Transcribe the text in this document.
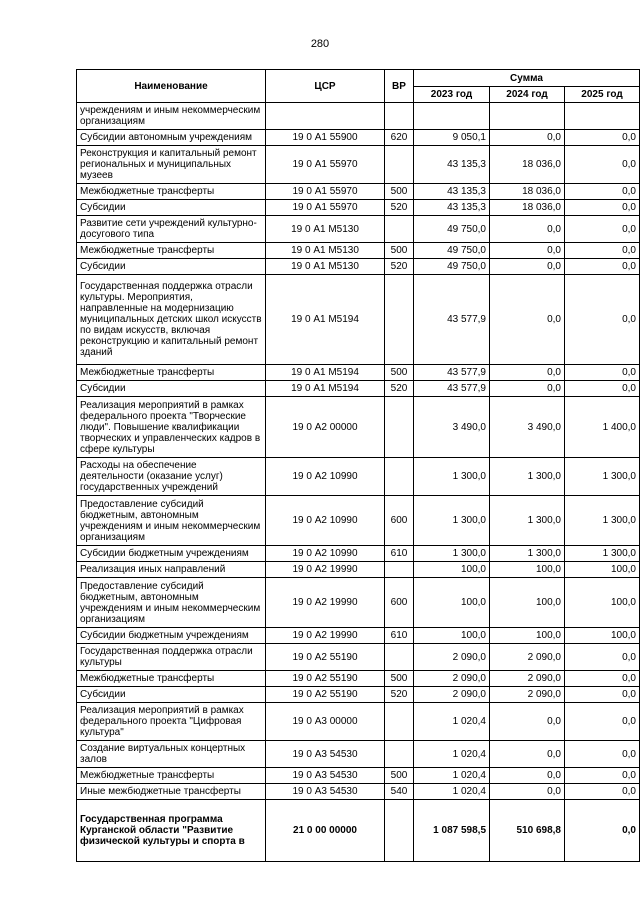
280
Наименование	ЦСР	ВР	Сумма		
			2023 год	2024 год	2025 год
учреждениям и иным некоммерческим организациям					
Субсидии автономным учреждениям	19 0 А1 55900	620	9 050,1	0,0	0,0
Реконструкция и капитальный ремонт региональных и муниципальных музеев	19 0 А1 55970		43 135,3	18 036,0	0,0
Межбюджетные трансферты	19 0 А1 55970	500	43 135,3	18 036,0	0,0
Субсидии	19 0 А1 55970	520	43 135,3	18 036,0	0,0
Развитие сети учреждений культурно-досугового типа	19 0 А1 М5130		49 750,0	0,0	0,0
Межбюджетные трансферты	19 0 А1 М5130	500	49 750,0	0,0	0,0
Субсидии	19 0 А1 М5130	520	49 750,0	0,0	0,0
Государственная поддержка отрасли культуры. Мероприятия, направленные на модернизацию муниципальных детских школ искусств по видам искусств, включая реконструкцию и капитальный ремонт зданий	19 0 А1 М5194		43 577,9	0,0	0,0
Межбюджетные трансферты	19 0 А1 М5194	500	43 577,9	0,0	0,0
Субсидии	19 0 А1 М5194	520	43 577,9	0,0	0,0
Реализация мероприятий в рамках федерального проекта "Творческие люди". Повышение квалификации творческих и управленческих кадров в сфере культуры	19 0 А2 00000		3 490,0	3 490,0	1 400,0
Расходы на обеспечение деятельности (оказание услуг) государственных учреждений	19 0 А2 10990		1 300,0	1 300,0	1 300,0
Предоставление субсидий бюджетным, автономным учреждениям и иным некоммерческим организациям	19 0 А2 10990	600	1 300,0	1 300,0	1 300,0
Субсидии бюджетным учреждениям	19 0 А2 10990	610	1 300,0	1 300,0	1 300,0
Реализация иных направлений	19 0 А2 19990		100,0	100,0	100,0
Предоставление субсидий бюджетным, автономным учреждениям и иным некоммерческим организациям	19 0 А2 19990	600	100,0	100,0	100,0
Субсидии бюджетным учреждениям	19 0 А2 19990	610	100,0	100,0	100,0
Государственная поддержка отрасли культуры	19 0 А2 55190		2 090,0	2 090,0	0,0
Межбюджетные трансферты	19 0 А2 55190	500	2 090,0	2 090,0	0,0
Субсидии	19 0 А2 55190	520	2 090,0	2 090,0	0,0
Реализация мероприятий в рамках федерального проекта "Цифровая культура"	19 0 А3 00000		1 020,4	0,0	0,0
Создание виртуальных концертных залов	19 0 А3 54530		1 020,4	0,0	0,0
Межбюджетные трансферты	19 0 А3 54530	500	1 020,4	0,0	0,0
Иные межбюджетные трансферты	19 0 А3 54530	540	1 020,4	0,0	0,0
Государственная программа Курганской области "Развитие физической культуры и спорта в	21 0 00 00000		1 087 598,5	510 698,8	0,0
